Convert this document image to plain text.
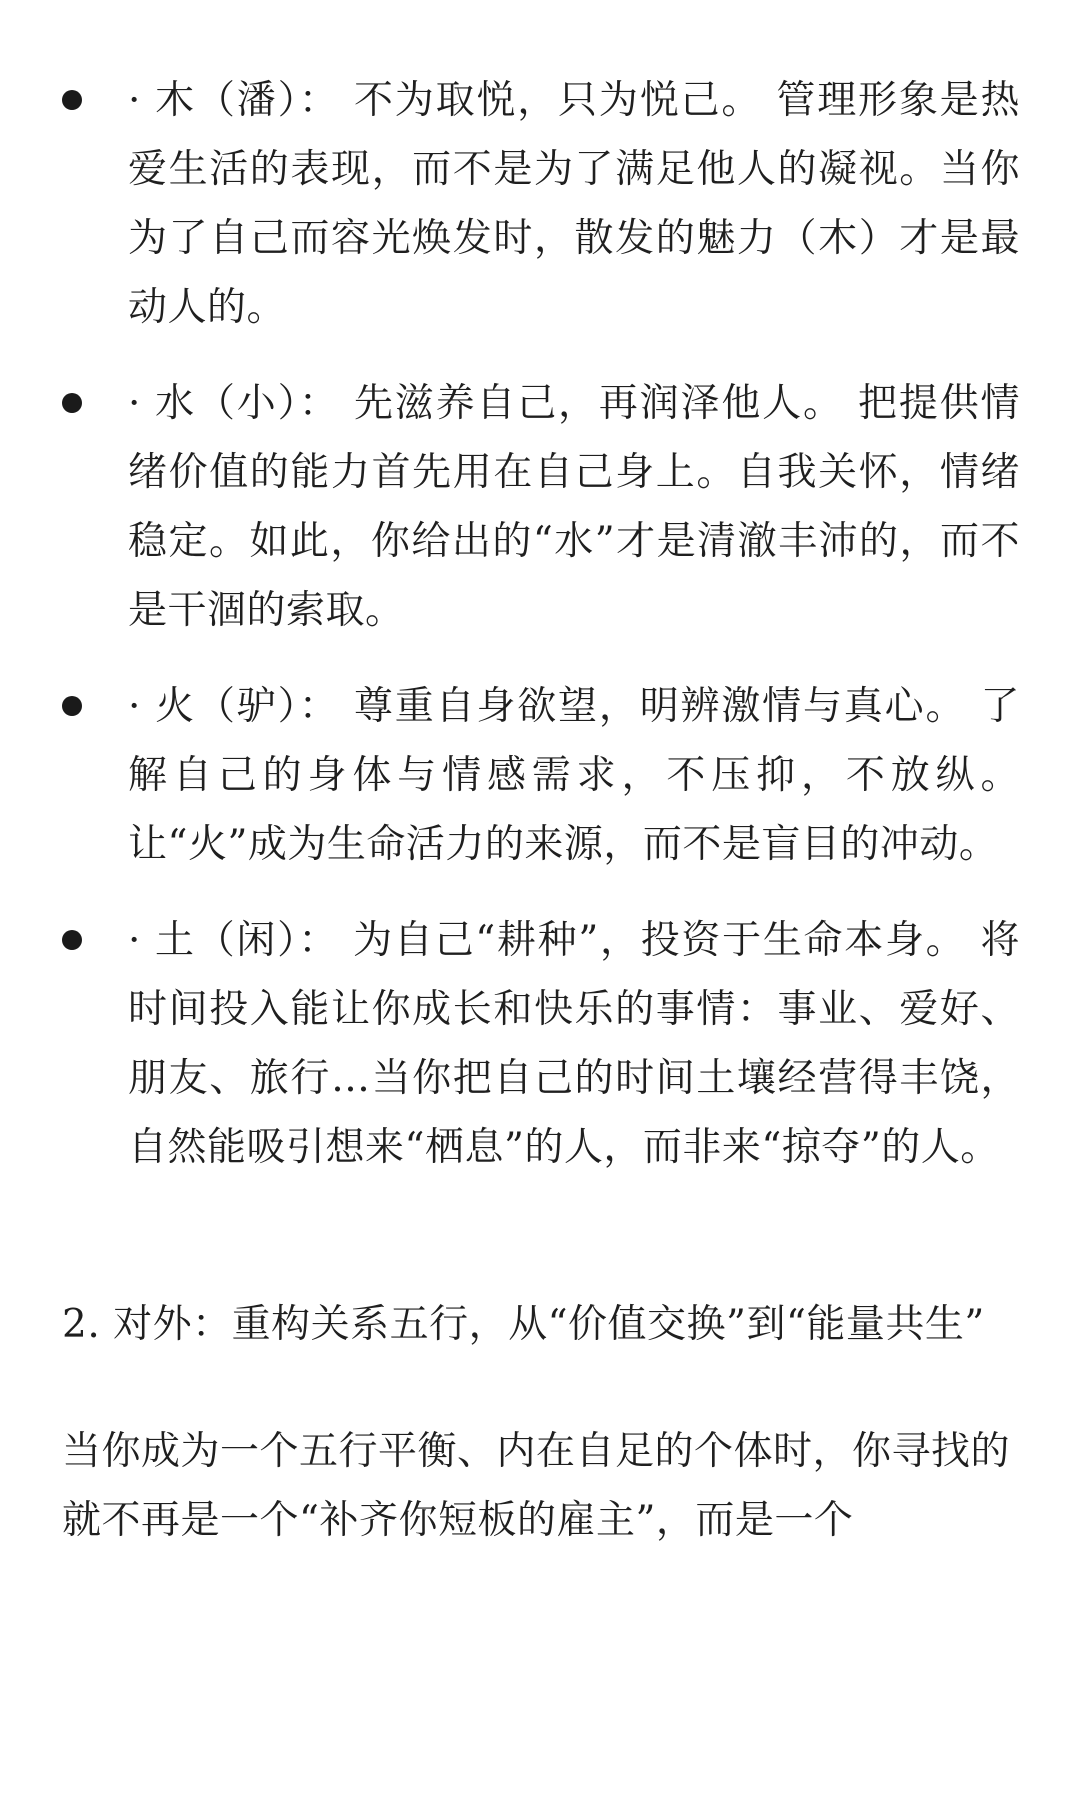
· 木（潘）： 不为取悦，只为悦己。 管理形象是热爱生活的表现，而不是为了满足他人的凝视。当你为了自己而容光焕发时，散发的魅力（木）才是最动人的。
· 水（小）： 先滋养自己，再润泽他人。 把提供情绪价值的能力首先用在自己身上。自我关怀，情绪稳定。如此，你给出的“水”才是清澈丰沛的，而不是干涸的索取。
· 火（驴）： 尊重自身欲望，明辨激情与真心。 了解自己的身体与情感需求，不压抑，不放纵。让“火”成为生命活力的来源，而不是盲目的冲动。
· 土（闲）： 为自己“耕种”，投资于生命本身。 将时间投入能让你成长和快乐的事情：事业、爱好、朋友、旅行…当你把自己的时间土壤经营得丰饶，自然能吸引想来“栖息”的人，而非来“掠夺”的人。

2. 对外：重构关系五行，从“价值交换”到“能量共生”

当你成为一个五行平衡、内在自足的个体时，你寻找的就不再是一个“补齐你短板的雇主”，而是一个
